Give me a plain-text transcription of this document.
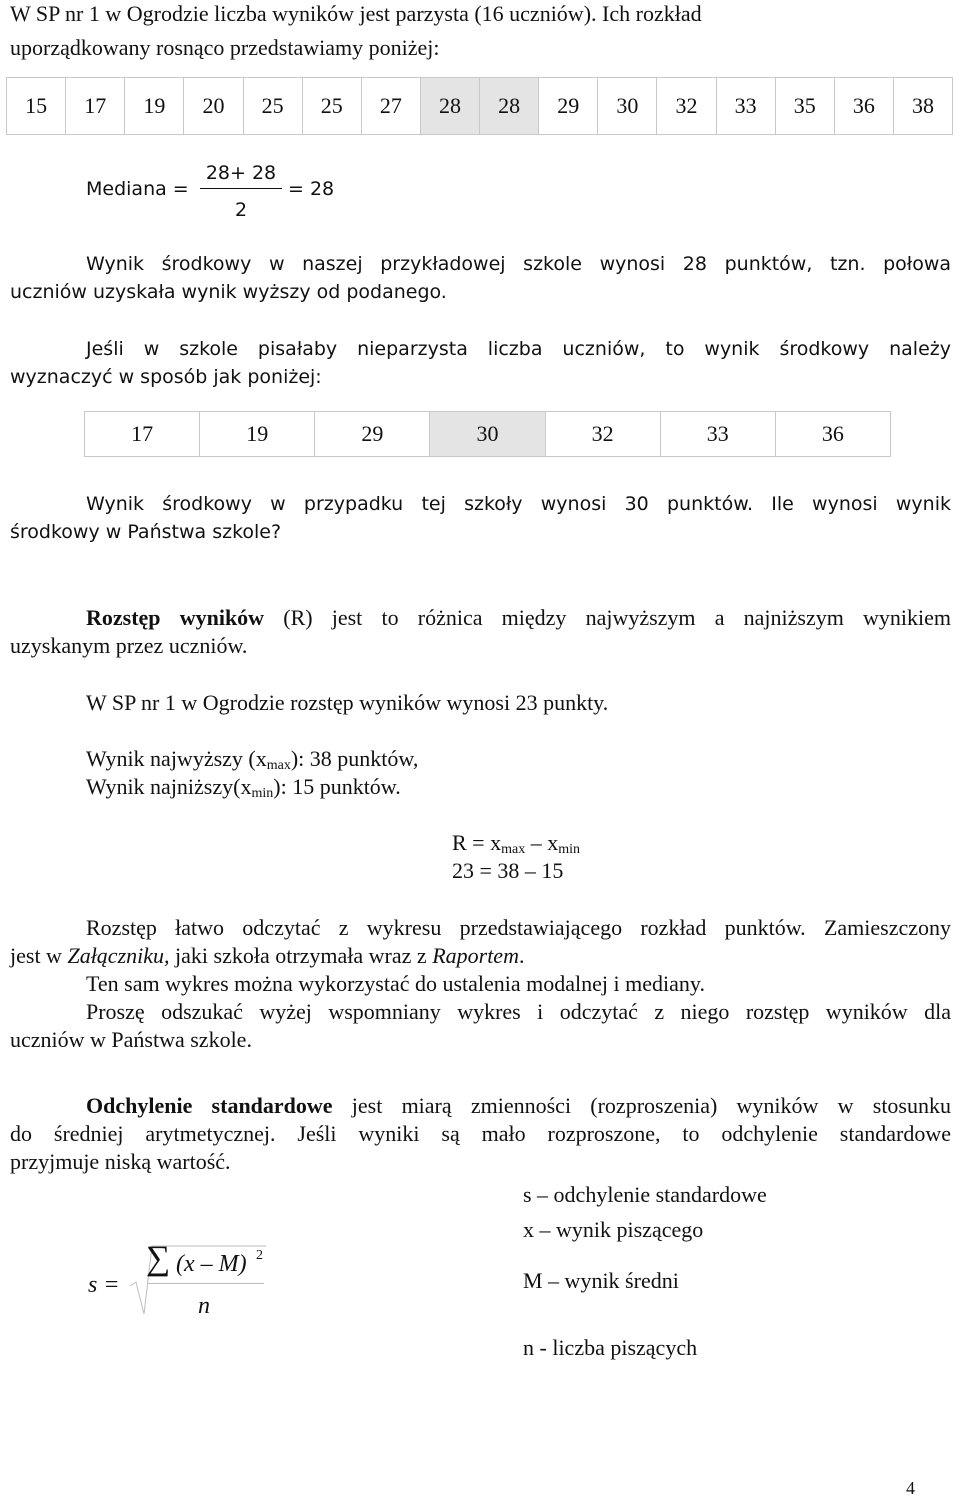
W SP nr 1 w Ogrodzie liczba wyników jest parzysta (16 uczniów). Ich rozkład
uporządkowany rosnąco przedstawiamy poniżej:
15	17	19	20	25	25	27	28	28	29	30	32	33	35	36	38
Mediana =
28+ 28
2
= 28
Wynik środkowy w naszej przykładowej szkole wynosi 28 punktów, tzn. połowa
uczniów uzyskała wynik wyższy od podanego.
Jeśli w szkole pisałaby nieparzysta liczba uczniów, to wynik środkowy należy
wyznaczyć w sposób jak poniżej:
17	19	29	30	32	33	36
Wynik środkowy w przypadku tej szkoły wynosi 30 punktów. Ile wynosi wynik
środkowy w Państwa szkole?
Rozstęp wyników (R) jest to różnica między najwyższym a najniższym wynikiem
uzyskanym przez uczniów.
W SP nr 1 w Ogrodzie rozstęp wyników wynosi 23 punkty.
Wynik najwyższy $(x_{max})$: 38 punktów,
Wynik $najniższy(x_{min})$: 15 punktów.
$R = x_{max} - x_{min}$
23 = 38 – 15
Rozstęp łatwo odczytać z wykresu przedstawiającego rozkład punktów. Zamieszczony
jest w Załączniku, jaki szkoła otrzymała wraz z Raportem.
Ten sam wykres można wykorzystać do ustalenia modalnej i mediany.
Proszę odszukać wyżej wspomniany wykres i odczytać z niego rozstęp wyników dla
uczniów w Państwa szkole.
Odchylenie standardowe jest miarą zmienności (rozproszenia) wyników w stosunku
do średniej arytmetycznej. Jeśli wyniki są mało rozproszone, to odchylenie standardowe
przyjmuje niską wartość.
s =
∑ (x – M) 2
n
s – odchylenie standardowe
x – wynik piszącego
M – wynik średni
n - liczba piszących
4
